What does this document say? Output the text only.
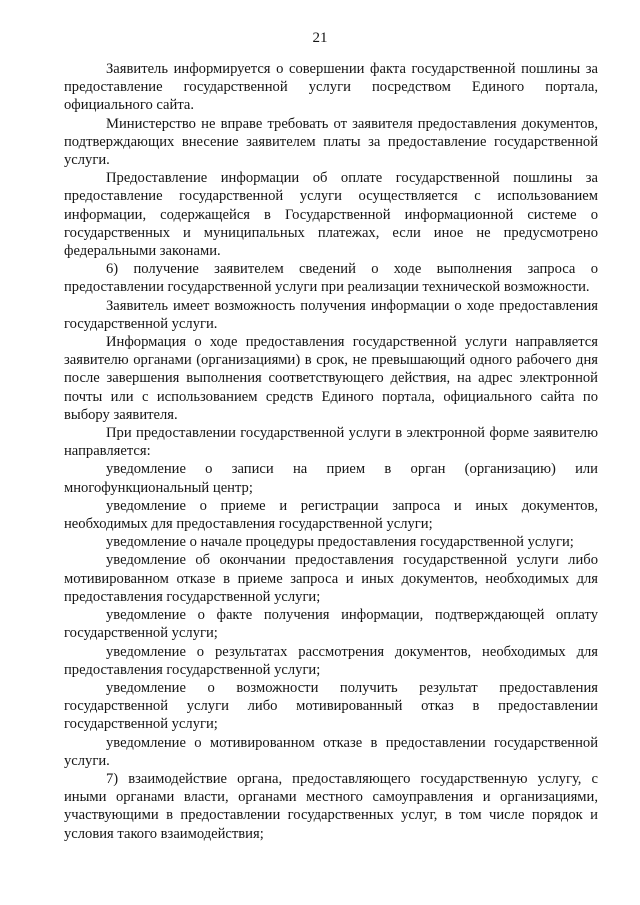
21

Заявитель информируется о совершении факта государственной пошлины за предоставление государственной услуги посредством Единого портала, официального сайта.

Министерство не вправе требовать от заявителя предоставления документов, подтверждающих внесение заявителем платы за предоставление государственной услуги.

Предоставление информации об оплате государственной пошлины за предоставление государственной услуги осуществляется с использованием информации, содержащейся в Государственной информационной системе о государственных и муниципальных платежах, если иное не предусмотрено федеральными законами.

6) получение заявителем сведений о ходе выполнения запроса о предоставлении государственной услуги при реализации технической возможности.

Заявитель имеет возможность получения информации о ходе предоставления государственной услуги.

Информация о ходе предоставления государственной услуги направляется заявителю органами (организациями) в срок, не превышающий одного рабочего дня после завершения выполнения соответствующего действия, на адрес электронной почты или с использованием средств Единого портала, официального сайта по выбору заявителя.

При предоставлении государственной услуги в электронной форме заявителю направляется:

уведомление о записи на прием в орган (организацию) или многофункциональный центр;

уведомление о приеме и регистрации запроса и иных документов, необходимых для предоставления государственной услуги;

уведомление о начале процедуры предоставления государственной услуги;

уведомление об окончании предоставления государственной услуги либо мотивированном отказе в приеме запроса и иных документов, необходимых для предоставления государственной услуги;

уведомление о факте получения информации, подтверждающей оплату государственной услуги;

уведомление о результатах рассмотрения документов, необходимых для предоставления государственной услуги;

уведомление о возможности получить результат предоставления государственной услуги либо мотивированный отказ в предоставлении государственной услуги;

уведомление о мотивированном отказе в предоставлении государственной услуги.

7) взаимодействие органа, предоставляющего государственную услугу, с иными органами власти, органами местного самоуправления и организациями, участвующими в предоставлении государственных услуг, в том числе порядок и условия такого взаимодействия;
